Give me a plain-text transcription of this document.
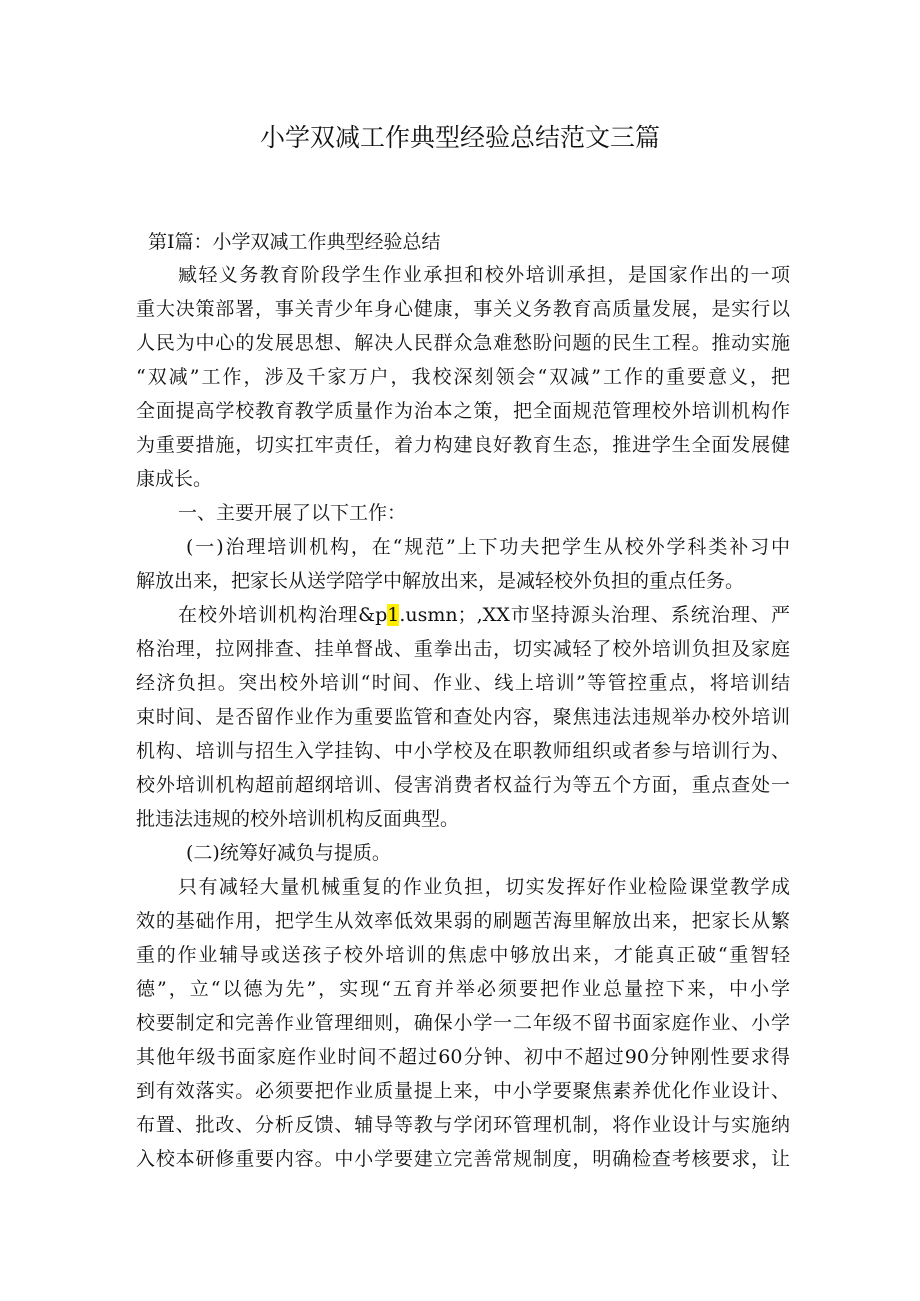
小学双减工作典型经验总结范文三篇
第Ⅰ篇：小学双减工作典型经验总结
臧轻义务教育阶段学生作业承担和校外培训承担，是国家作出的一项
重大决策部署，事关青少年身心健康，事关义务教育高质量发展，是实行以
人民为中心的发展思想、解决人民群众急难愁盼问题的民生工程。推动实施
“双减”工作，涉及千家万户，我校深刻领会“双减”工作的重要意义，把
全面提高学校教育教学质量作为治本之策，把全面规范管理校外培训机构作
为重要措施，切实扛牢责任，着力构建良好教育生态，推进学生全面发展健
康成长。
一、主要开展了以下工作：
(一)治理培训机构，在“规范”上下功夫把学生从校外学科类补习中
解放出来，把家长从送学陪学中解放出来，是减轻校外负担的重点任务。
在校外培训机构治理&p1.usmn；,XX市坚持源头治理、系统治理、严
格治理，拉网排查、挂单督战、重拳出击，切实减轻了校外培训负担及家庭
经济负担。突出校外培训“时间、作业、线上培训”等管控重点，将培训结
束时间、是否留作业作为重要监管和查处内容，聚焦违法违规举办校外培训
机构、培训与招生入学挂钩、中小学校及在职教师组织或者参与培训行为、
校外培训机构超前超纲培训、侵害消费者权益行为等五个方面，重点查处一
批违法违规的校外培训机构反面典型。
(二)统筹好减负与提质。
只有减轻大量机械重复的作业负担，切实发挥好作业检险课堂教学成
效的基础作用，把学生从效率低效果弱的刷题苦海里解放出来，把家长从繁
重的作业辅导或送孩子校外培训的焦虑中够放出来，才能真正破“重智轻
德”，立“以德为先”，实现“五育并举必须要把作业总量控下来，中小学
校要制定和完善作业管理细则，确保小学一二年级不留书面家庭作业、小学
其他年级书面家庭作业时间不超过60分钟、初中不超过90分钟刚性要求得
到有效落实。必须要把作业质量提上来，中小学要聚焦素养优化作业设计、
布置、批改、分析反馈、辅导等教与学闭环管理机制，将作业设计与实施纳
入校本研修重要内容。中小学要建立完善常规制度，明确检查考核要求，让
